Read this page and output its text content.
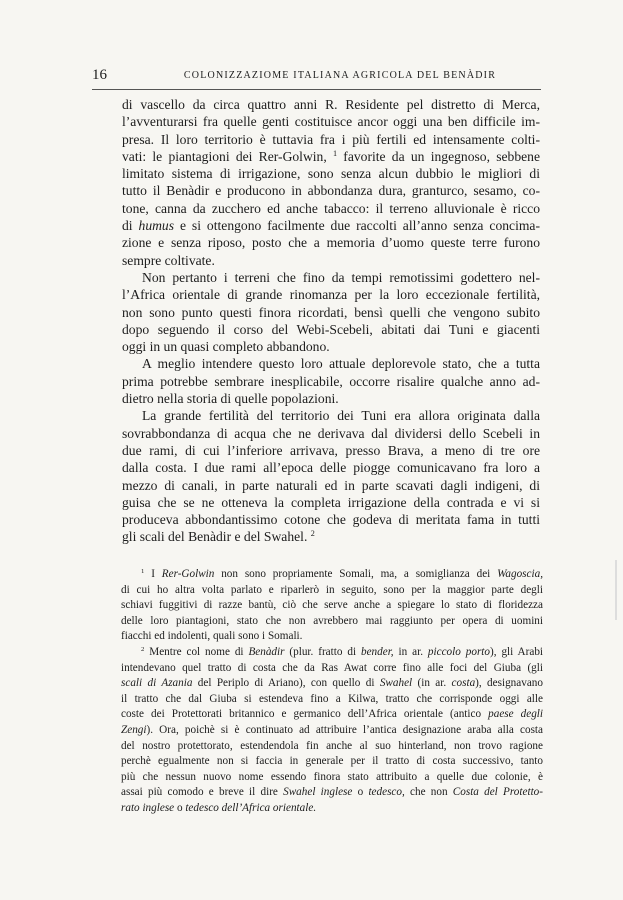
16	COLONIZZAZIOME ITALIANA AGRICOLA DEL BENÀDIR
di vascello da circa quattro anni R. Residente pel distretto di Merca,
l’avventurarsi fra quelle genti costituisce ancor oggi una ben difficile im-
presa. Il loro territorio è tuttavia fra i più fertili ed intensamente colti-
vati: le piantagioni dei Rer-Golwin, $^1$ favorite da un ingegnoso, sebbene
limitato sistema di irrigazione, sono senza alcun dubbio le migliori di
tutto il Benàdir e producono in abbondanza dura, granturco, sesamo, co-
tone, canna da zucchero ed anche tabacco: il terreno alluvionale è ricco
di humus e si ottengono facilmente due raccolti all’anno senza concima-
zione e senza riposo, posto che a memoria d’uomo queste terre furono
sempre coltivate.
Non pertanto i terreni che fino da tempi remotissimi godettero nel-
l’Africa orientale di grande rinomanza per la loro eccezionale fertilità,
non sono punto questi finora ricordati, bensì quelli che vengono subito
dopo seguendo il corso del Webi-Scebeli, abitati dai Tuni e giacenti
oggi in un quasi completo abbandono.
A meglio intendere questo loro attuale deplorevole stato, che a tutta
prima potrebbe sembrare inesplicabile, occorre risalire qualche anno ad-
dietro nella storia di quelle popolazioni.
La grande fertilità del territorio dei Tuni era allora originata dalla
sovrabbondanza di acqua che ne derivava dal dividersi dello Scebeli in
due rami, di cui l’inferiore arrivava, presso Brava, a meno di tre ore
dalla costa. I due rami all’epoca delle piogge comunicavano fra loro a
mezzo di canali, in parte naturali ed in parte scavati dagli indigeni, di
guisa che se ne otteneva la completa irrigazione della contrada e vi si
produceva abbondantissimo cotone che godeva di meritata fama in tutti
gli scali del Benàdir e del Swahel. $^2$
$^1$ I Rer-Golwin non sono propriamente Somali, ma, a somiglianza dei Wagoscia,
di cui ho altra volta parlato e riparlerò in seguito, sono per la maggior parte degli
schiavi fuggitivi di razze bantù, ciò che serve anche a spiegare lo stato di floridezza
delle loro piantagioni, stato che non avrebbero mai raggiunto per opera di uomini
fiacchi ed indolenti, quali sono i Somali.
$^2$ Mentre col nome di Benàdir (plur. fratto di bender, in ar. piccolo porto), gli Arabi
intendevano quel tratto di costa che da Ras Awat corre fino alle foci del Giuba (gli
scali di Azania del Periplo di Ariano), con quello di Swahel (in ar. costa), designavano
il tratto che dal Giuba si estendeva fino a Kilwa, tratto che corrisponde oggi alle
coste dei Protettorati britannico e germanico dell’Africa orientale (antico paese degli
Zengi). Ora, poichè si è continuato ad attribuire l’antica designazione araba alla costa
del nostro protettorato, estendendola fin anche al suo hinterland, non trovo ragione
perchè egualmente non si faccia in generale per il tratto di costa successivo, tanto
più che nessun nuovo nome essendo finora stato attribuito a quelle due colonie, è
assai più comodo e breve il dire Swahel inglese o tedesco, che non Costa del Protetto-
rato inglese o tedesco dell’Africa orientale.
